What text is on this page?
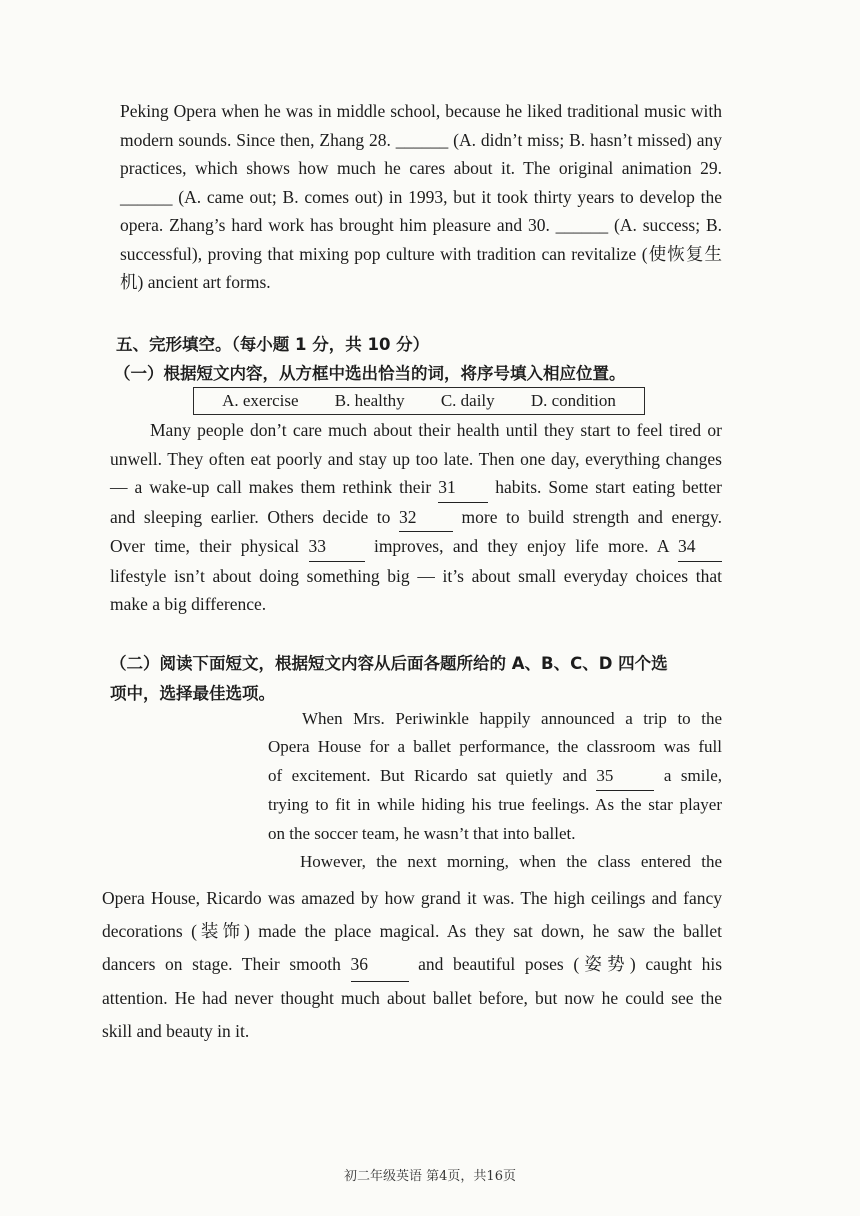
Peking Opera when he was in middle school, because he liked traditional music with
modern sounds. Since then, Zhang 28. ______ (A. didn’t miss; B. hasn’t missed) any
practices, which shows how much he cares about it. The original animation 29.
______ (A. came out; B. comes out) in 1993, but it took thirty years to develop the
opera. Zhang’s hard work has brought him pleasure and 30. ______ (A. success; B.
successful), proving that mixing pop culture with tradition can revitalize (使恢复生
机) ancient art forms.
五、完形填空。（每小题 1 分，共 10 分）
（一）根据短文内容，从方框中选出恰当的词，将序号填入相应位置。
A. exercise B. healthy C. daily D. condition
Many people don’t care much about their health until they start to feel tired or
unwell. They often eat poorly and stay up too late. Then one day, everything changes
— a wake-up call makes them rethink their 31 habits. Some start eating better
and sleeping earlier. Others decide to 32	more to build strength and energy.
Over time, their physical 33	improves, and they enjoy life more. A 34
lifestyle isn’t about doing something big — it’s about small everyday choices that
make a big difference.
（二）阅读下面短文，根据短文内容从后面各题所给的 A、B、C、D 四个选
项中，选择最佳选项。
When Mrs. Periwinkle happily announced a trip to the
Opera House for a ballet performance, the classroom was full
of excitement. But Ricardo sat quietly and 35	a smile,
trying to fit in while hiding his true feelings. As the star player
on the soccer team, he wasn’t that into ballet.
However, the next morning, when the class entered the
Opera House, Ricardo was amazed by how grand it was. The high ceilings and fancy
decorations (装饰) made the place magical. As they sat down, he saw the ballet
dancers on stage. Their smooth 36	and beautiful poses (姿势) caught his
attention. He had never thought much about ballet before, but now he could see the
skill and beauty in it.
初二年级英语 第4页，共16页
